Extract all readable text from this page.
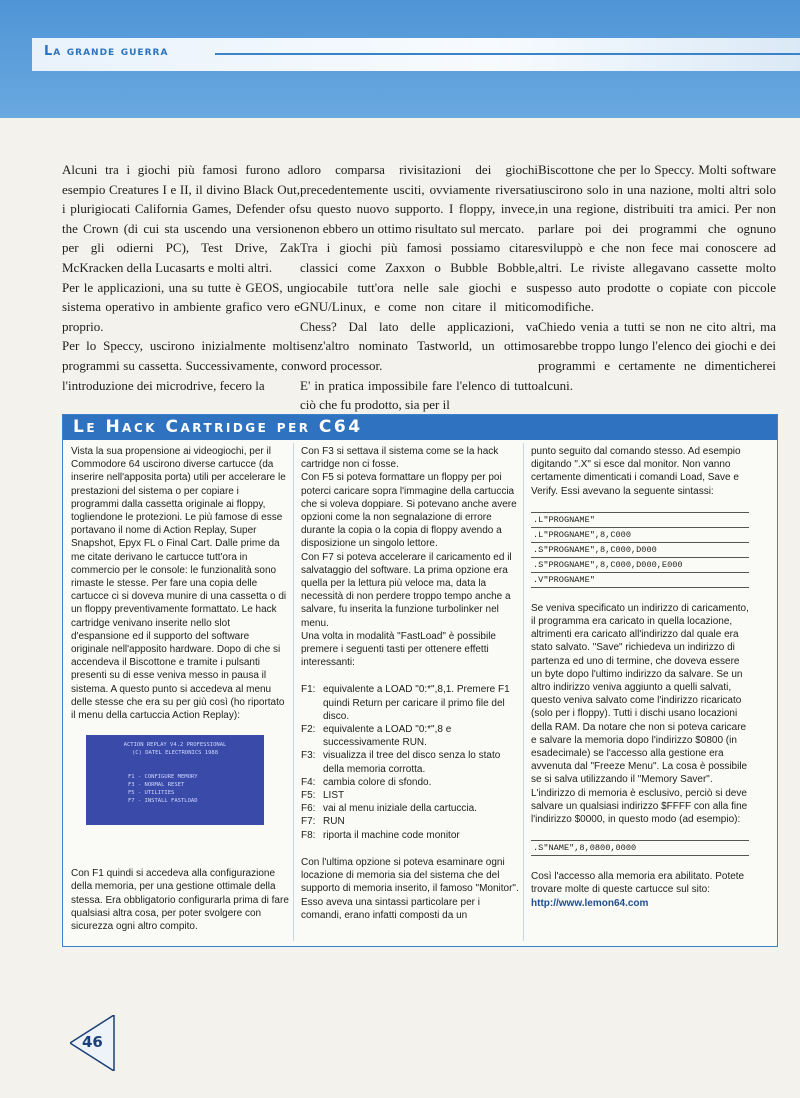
La grande guerra

Alcuni tra i giochi più famosi furono ad esempio Creatures I e II, il divino Black Out, i plurigiocati California Games, Defender of the Crown (di cui sta uscendo una versione per gli odierni PC), Test Drive, Zak McKracken della Lucasarts e molti altri.

Per le applicazioni, una su tutte è GEOS, un sistema operativo in ambiente grafico vero e proprio.

Per lo Speccy, uscirono inizialmente molti programmi su cassetta. Successivamente, con l'introduzione dei microdrive, fecero la

loro comparsa rivisitazioni dei giochi precedentemente usciti, ovviamente riversati su questo nuovo supporto. I floppy, invece, non ebbero un ottimo risultato sul mercato.

Tra i giochi più famosi possiamo citare classici come Zaxxon o Bubble Bobble, giocabile tutt'ora nelle sale giochi e su GNU/Linux, e come non citare il mitico Chess? Dal lato delle applicazioni, va senz'altro nominato Tastworld, un ottimo word processor.

E' in pratica impossibile fare l'elenco di tutto ciò che fu prodotto, sia per il

Biscottone che per lo Speccy. Molti software uscirono solo in una nazione, molti altri solo in una regione, distribuiti tra amici. Per non parlare poi dei programmi che ognuno sviluppò e che non fece mai conoscere ad altri. Le riviste allegavano cassette molto spesso auto prodotte o copiate con piccole modifiche.

Chiedo venia a tutti se non ne cito altri, ma sarebbe troppo lungo l'elenco dei giochi e dei programmi e certamente ne dimenticherei alcuni.

Le Hack Cartridge per C64

Vista la sua propensione ai videogiochi, per il Commodore 64 uscirono diverse cartucce (da inserire nell'apposita porta) utili per accelerare le prestazioni del sistema o per copiare i programmi dalla cassetta originale ai floppy, togliendone le protezioni. Le più famose di esse portavano il nome di Action Replay, Super Snapshot, Epyx FL o Final Cart. Dalle prime da me citate derivano le cartucce tutt'ora in commercio per le console: le funzionalità sono rimaste le stesse. Per fare una copia delle cartucce ci si doveva munire di una cassetta o di un floppy preventivamente formattato. Le hack cartridge venivano inserite nello slot d'espansione ed il supporto del software originale nell'apposito hardware. Dopo di che si accendeva il Biscottone e tramite i pulsanti presenti su di esse veniva messo in pausa il sistema. A questo punto si accedeva al menu delle stesse che era su per giù così (ho riportato il menu della cartuccia Action Replay):

ACTION REPLAY V4.2 PROFESSIONAL
(C) DATEL ELECTRONICS 1988
F1 - CONFIGURE MEMORY
F3 - NORMAL RESET
F5 - UTILITIES
F7 - INSTALL FASTLOAD

Con F1 quindi si accedeva alla configurazione della memoria, per una gestione ottimale della stessa. Era obbligatorio configurarla prima di fare qualsiasi altra cosa, per poter svolgere con sicurezza ogni altro compito.

Con F3 si settava il sistema come se la hack cartridge non ci fosse.

Con F5 si poteva formattare un floppy per poi poterci caricare sopra l'immagine della cartuccia che si voleva doppiare. Si potevano anche avere opzioni come la non segnalazione di errore durante la copia o la copia di floppy avendo a disposizione un singolo lettore.

Con F7 si poteva accelerare il caricamento ed il salvataggio del software. La prima opzione era quella per la lettura più veloce ma, data la necessità di non perdere troppo tempo anche a salvare, fu inserita la funzione turbolinker nel menu.

Una volta in modalità "FastLoad" è possibile premere i seguenti tasti per ottenere effetti interessanti:

F1: equivalente a LOAD "0:*",8,1. Premere F1 quindi Return per caricare il primo file del disco.
F2: equivalente a LOAD "0:*",8 e successivamente RUN.
F3: visualizza il tree del disco senza lo stato della memoria corrotta.
F4: cambia colore di sfondo.
F5: LIST
F6: vai al menu iniziale della cartuccia.
F7: RUN
F8: riporta il machine code monitor

Con l'ultima opzione si poteva esaminare ogni locazione di memoria sia del sistema che del supporto di memoria inserito, il famoso "Monitor". Esso aveva una sintassi particolare per i comandi, erano infatti composti da un

punto seguito dal comando stesso. Ad esempio digitando ".X" si esce dal monitor. Non vanno certamente dimenticati i comandi Load, Save e Verify. Essi avevano la seguente sintassi:

.L"PROGNAME"
.L"PROGNAME",8,C000
.S"PROGNAME",8,C000,D000
.S"PROGNAME",8,C000,D000,E000
.V"PROGNAME"

Se veniva specificato un indirizzo di caricamento, il programma era caricato in quella locazione, altrimenti era caricato all'indirizzo dal quale era stato salvato. "Save" richiedeva un indirizzo di partenza ed uno di termine, che doveva essere un byte dopo l'ultimo indirizzo da salvare. Se un altro indirizzo veniva aggiunto a quelli salvati, questo veniva salvato come l'indirizzo ricaricato (solo per i floppy). Tutti i dischi usano locazioni della RAM. Da notare che non si poteva caricare e salvare la memoria dopo l'indirizzo $0800 (in esadecimale) se l'accesso alla gestione era avvenuta dal "Freeze Menu". La cosa è possibile se si salva utilizzando il "Memory Saver". L'indirizzo di memoria è esclusivo, perciò si deve salvare un qualsiasi indirizzo $FFFF con alla fine l'indirizzo $0000, in questo modo (ad esempio):

.S"NAME",8,0800,0000

Così l'accesso alla memoria era abilitato. Potete trovare molte di queste cartucce sul sito:

http://www.lemon64.com

46
